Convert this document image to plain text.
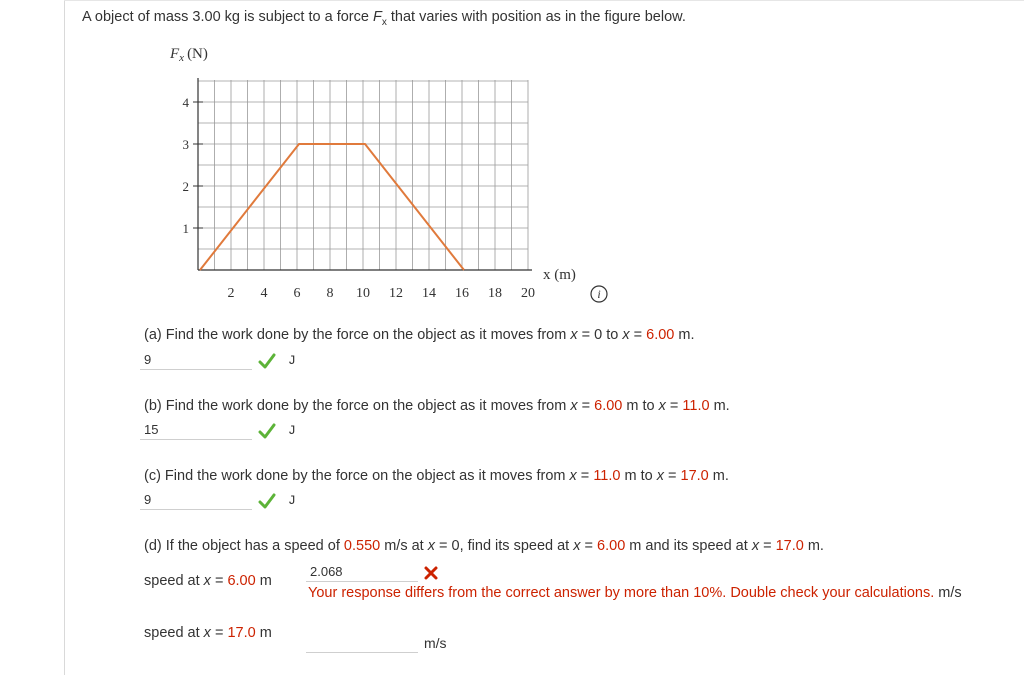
A object of mass 3.00 kg is subject to a force $F_x$ that varies with position as in the figure below.
$F_x$ (N)
1
2
3
4
2 4 6 8 10 12 14 16 18 20
x (m)
i
(a) Find the work done by the force on the object as it moves from x = 0 to x = 6.00 m.
9
J
(b) Find the work done by the force on the object as it moves from x = 6.00 m to x = 11.0 m.
15
J
(c) Find the work done by the force on the object as it moves from x = 11.0 m to x = 17.0 m.
9
J
(d) If the object has a speed of 0.550 m/s at x = 0, find its speed at x = 6.00 m and its speed at x = 17.0 m.
speed at x = 6.00 m
2.068
Your response differs from the correct answer by more than 10%. Double check your calculations. m/s
speed at x = 17.0 m
m/s
